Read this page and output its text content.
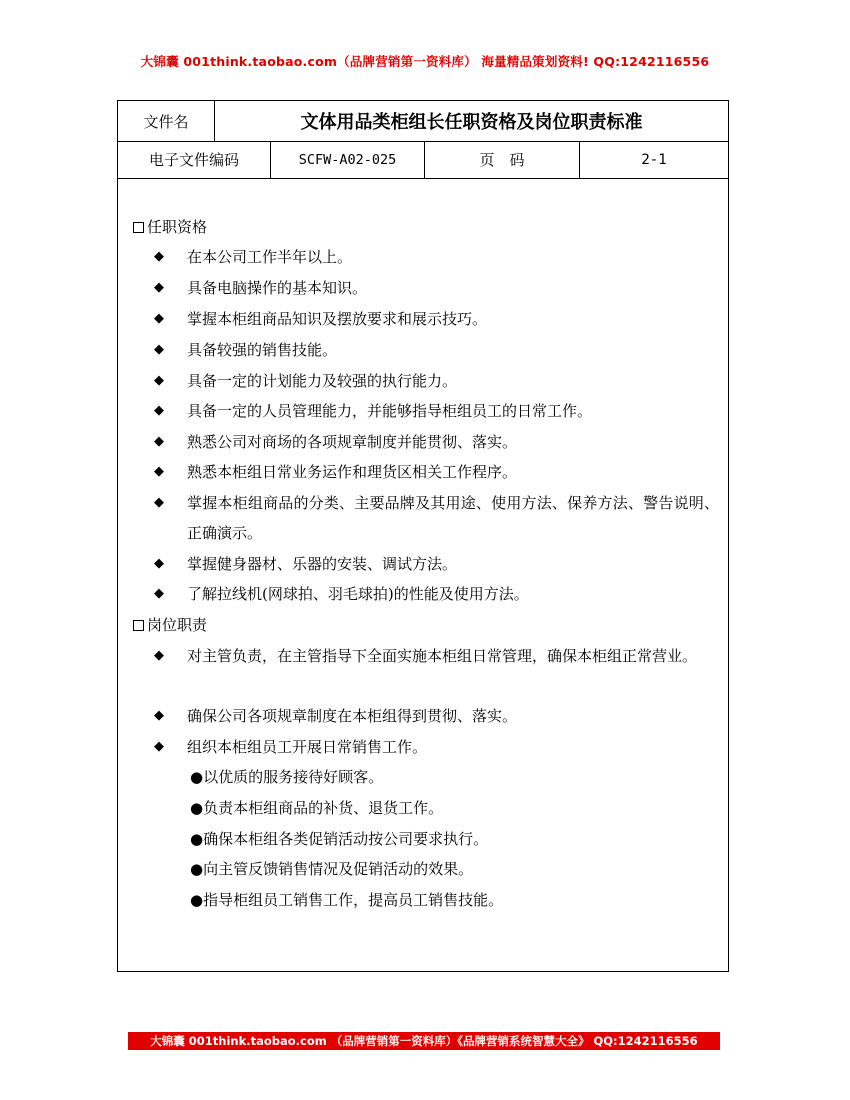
大锦囊 001think.taobao.com（品牌营销第一资料库） 海量精品策划资料! QQ:1242116556
文件名	文体用品类柜组长任职资格及岗位职责标准
电子文件编码	SCFW-A02-025	页　码	2-1
任职资格
◆ 在本公司工作半年以上。
◆ 具备电脑操作的基本知识。
◆ 掌握本柜组商品知识及摆放要求和展示技巧。
◆ 具备较强的销售技能。
◆ 具备一定的计划能力及较强的执行能力。
◆ 具备一定的人员管理能力，并能够指导柜组员工的日常工作。
◆ 熟悉公司对商场的各项规章制度并能贯彻、落实。
◆ 熟悉本柜组日常业务运作和理货区相关工作程序。
◆ 掌握本柜组商品的分类、主要品牌及其用途、使用方法、保养方法、警告说明、正确演示。
◆ 掌握健身器材、乐器的安装、调试方法。
◆ 了解拉线机(网球拍、羽毛球拍)的性能及使用方法。
岗位职责
◆ 对主管负责，在主管指导下全面实施本柜组日常管理，确保本柜组正常营业。
◆ 确保公司各项规章制度在本柜组得到贯彻、落实。
◆ 组织本柜组员工开展日常销售工作。
●以优质的服务接待好顾客。
●负责本柜组商品的补货、退货工作。
●确保本柜组各类促销活动按公司要求执行。
●向主管反馈销售情况及促销活动的效果。
●指导柜组员工销售工作，提高员工销售技能。
大锦囊 001think.taobao.com （品牌营销第一资料库）《品牌营销系统智慧大全》 QQ:1242116556
